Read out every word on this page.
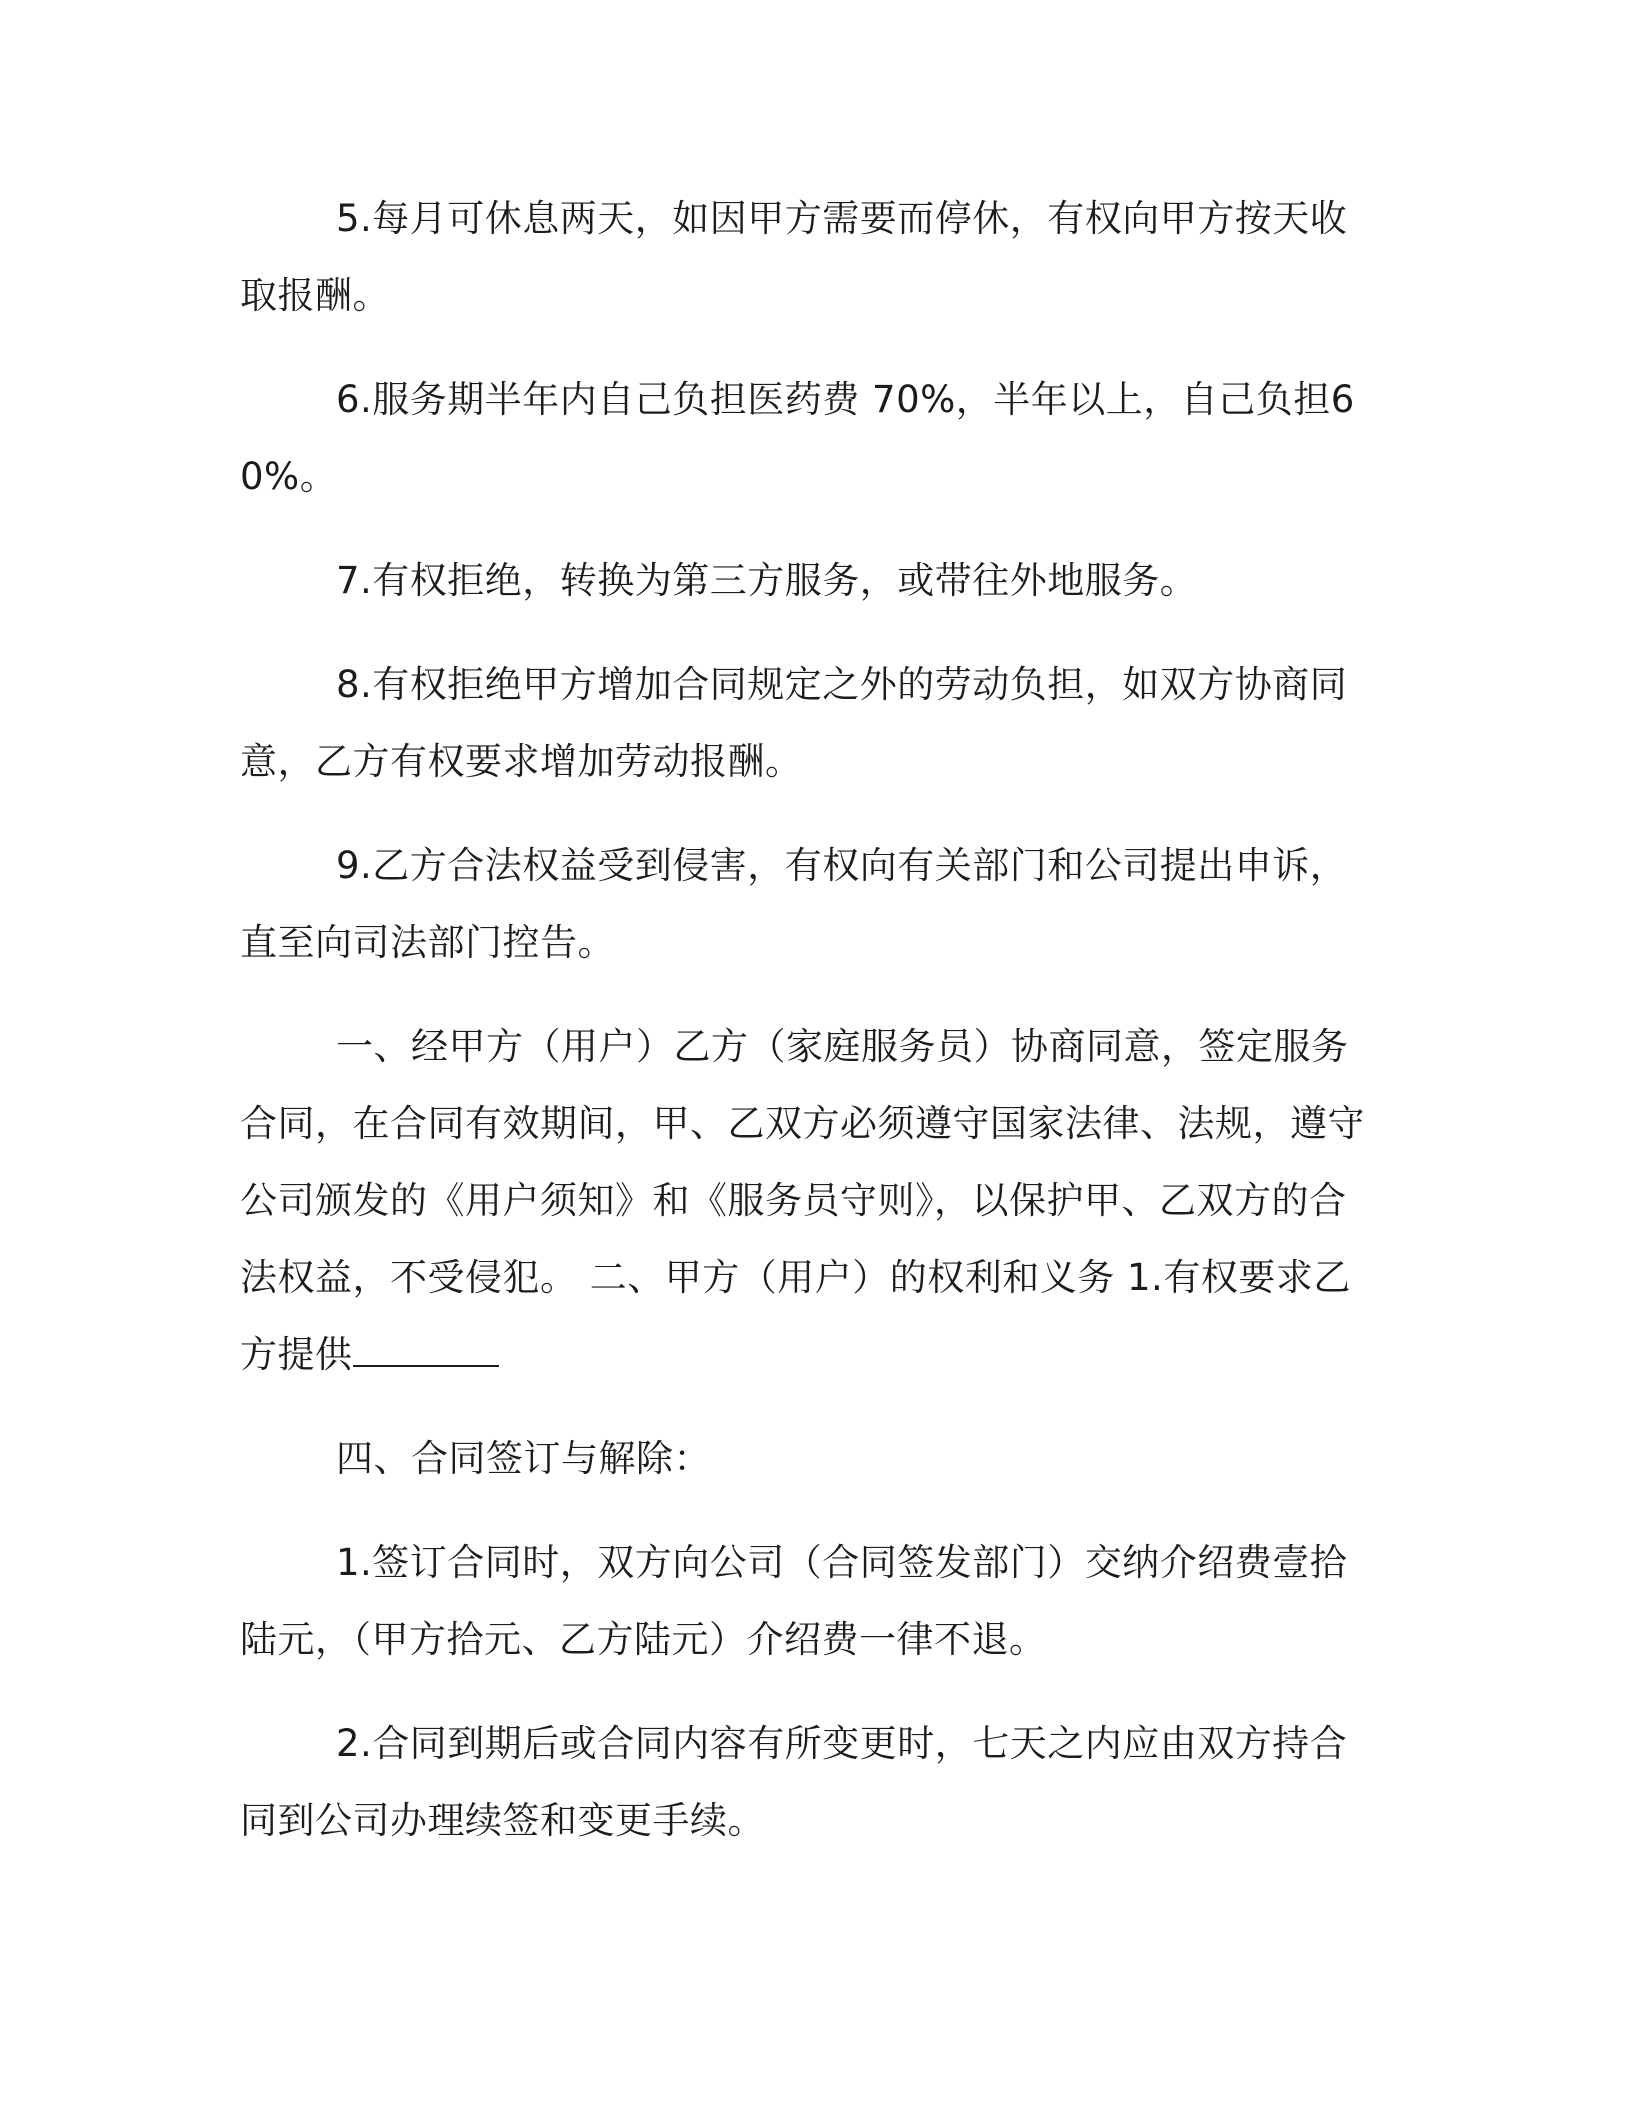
5.每月可休息两天，如因甲方需要而停休，有权向甲方按天收取报酬。

6.服务期半年内自己负担医药费 70%，半年以上，自己负担60%。

7.有权拒绝，转换为第三方服务，或带往外地服务。

8.有权拒绝甲方增加合同规定之外的劳动负担，如双方协商同意，乙方有权要求增加劳动报酬。

9.乙方合法权益受到侵害，有权向有关部门和公司提出申诉，直至向司法部门控告。

一、经甲方（用户）乙方（家庭服务员）协商同意，签定服务合同，在合同有效期间，甲、乙双方必须遵守国家法律、法规，遵守公司颁发的《用户须知》和《服务员守则》，以保护甲、乙双方的合法权益，不受侵犯。 二、甲方（用户）的权利和义务 1.有权要求乙方提供

四、合同签订与解除：

1.签订合同时，双方向公司（合同签发部门）交纳介绍费壹拾陆元，（甲方拾元、乙方陆元）介绍费一律不退。

2.合同到期后或合同内容有所变更时，七天之内应由双方持合同到公司办理续签和变更手续。
